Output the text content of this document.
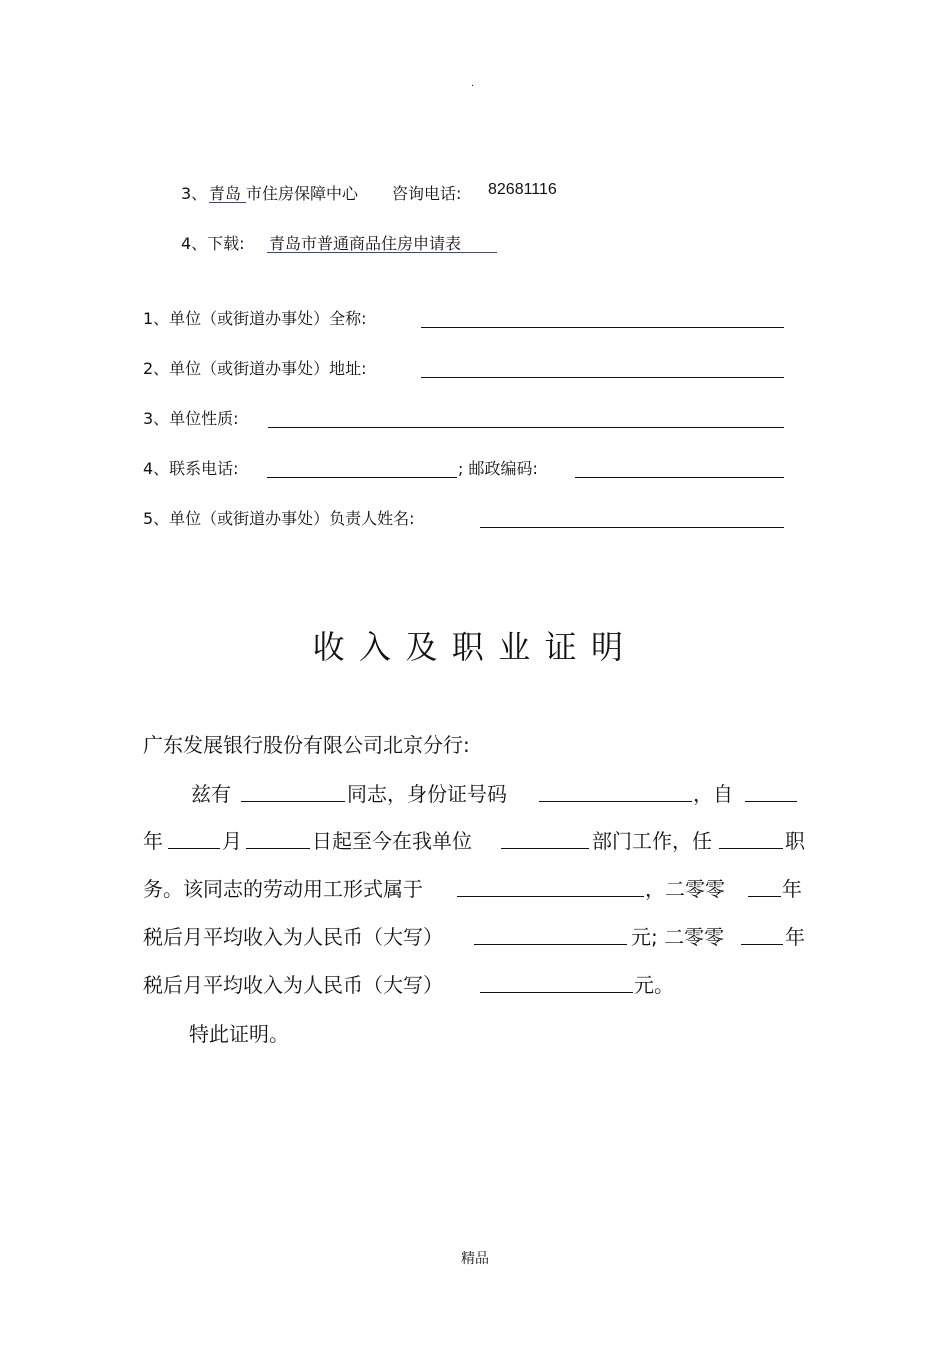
.
3、 青岛 市住房保障中心 咨询电话: 82681116
4、下载: 青岛市普通商品住房申请表
1、单位（或街道办事处）全称:
2、单位（或街道办事处）地址:
3、单位性质:
4、联系电话:	; 邮政编码:
5、单位（或街道办事处）负责人姓名:
收入及职业证明
广东发展银行股份有限公司北京分行:
兹有	同志，身份证号码	，自
年	月	日起至今在我单位	部门工作，任	职
务。该同志的劳动用工形式属于	，二零零	年
税后月平均收入为人民币（大写）	元; 二零零	年
税后月平均收入为人民币（大写）	元。
特此证明。
精品
